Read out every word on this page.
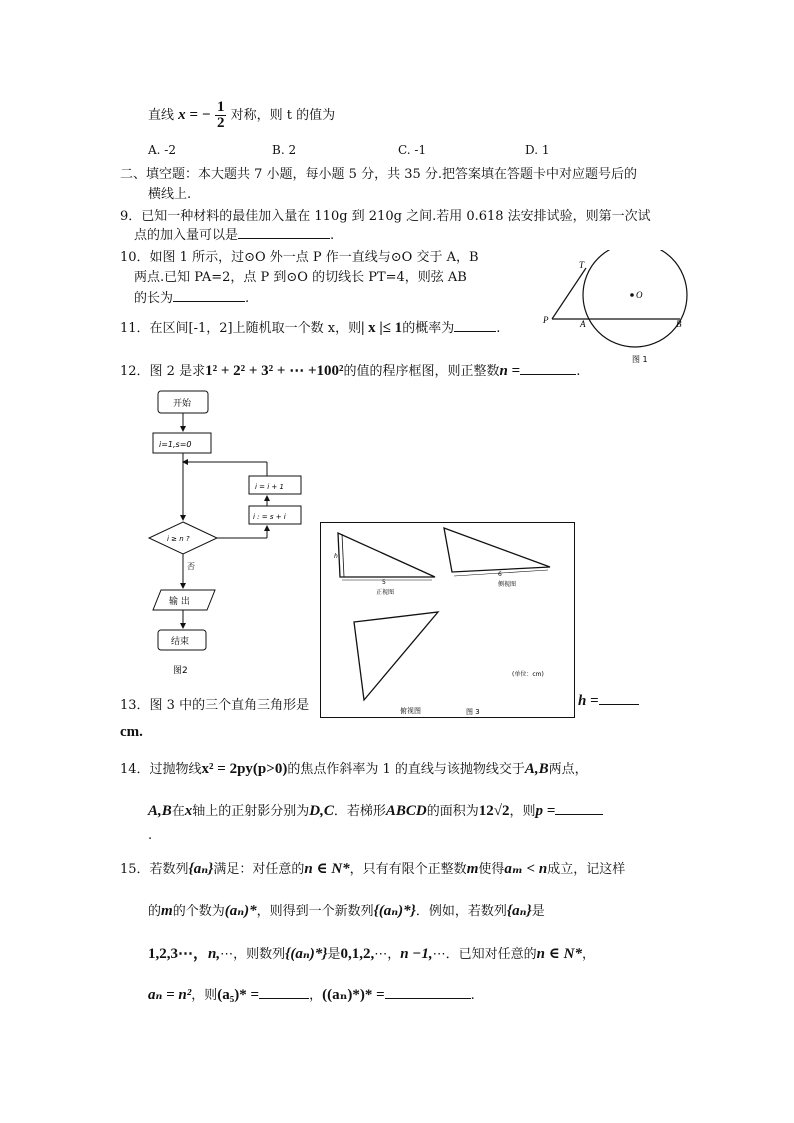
直线 x = − $\frac{1}{2}$ 对称，则 t 的值为
A. -2	B. 2	C. -1	D. 1
二、填空题：本大题共 7 小题，每小题 5 分，共 35 分.把答案填在答题卡中对应题号后的
横线上.
9．已知一种材料的最佳加入量在 110g 到 210g 之间.若用 0.618 法安排试验，则第一次试
点的加入量可以是	.
10．如图 1 所示，过⊙O 外一点 P 作一直线与⊙O 交于 A，B
两点.已知 PA=2，点 P 到⊙O 的切线长 PT=4，则弦 AB
的长为	.
T
O
P	A	B
图 1
11．在区间[-1，2]上随机取一个数 x，则| x |≤ 1的概率为	.
12．图 2 是求1² + 2² + 3² + ⋯ +100²的值的程序框图，则正整数n =	.
开始
i=1,s=0
i = i + 1
i : = s + i
i ≥ n ?
否
输 出
结束
图2
5
h
正视图
6
侧视图
俯视图
(单位：cm)
图 3
13．图 3 中的三个直角三角形是	h =
cm.
14．过抛物线x² = 2py(p>0)的焦点作斜率为 1 的直线与该抛物线交于A,B两点，
A,B在x轴上的正射影分别为D,C．若梯形ABCD的面积为12√2，则p =
.
15．若数列{aₙ}满足：对任意的n ∈ N*，只有有限个正整数m使得aₘ < n成立，记这样
的m的个数为(aₙ)*，则得到一个新数列{(aₙ)*}．例如，若数列{aₙ}是
1,2,3⋯，n,⋯，则数列{(aₙ)*}是0,1,2,⋯，n −1,⋯．已知对任意的n ∈ N*，
aₙ = n²，则(a₅)* =	，((aₙ)*)* =	.
